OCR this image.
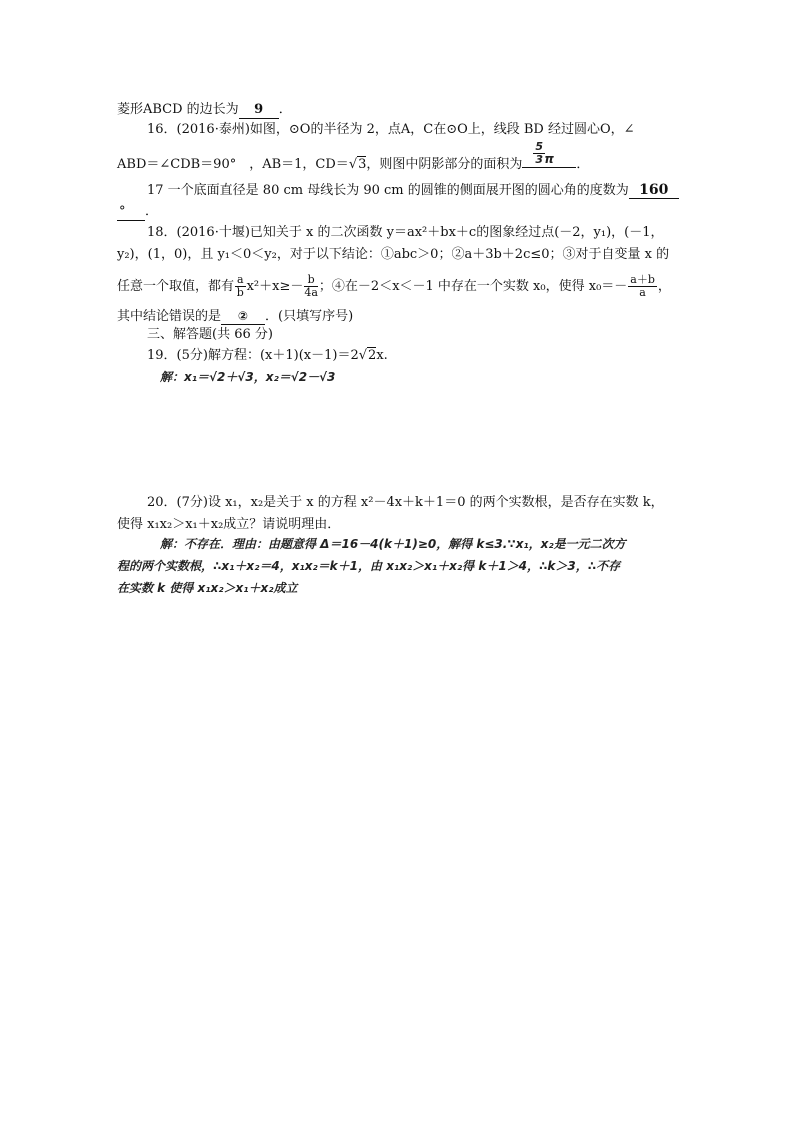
菱形ABCD 的边长为 9 ．
16．(2016·泰州)如图，⊙O的半径为 2，点A，C在⊙O上，线段 BD 经过圆心O，∠
ABD＝∠CDB＝90°　，AB＝1，CD＝√3，则图中阴影部分的面积为 $\frac{5}{3}$ π ．
17 一个底面直径是 80 cm 母线长为 90 cm 的圆锥的侧面展开图的圆心角的度数为 160
° ．
18．(2016·十堰)已知关于 x 的二次函数 y＝ax²＋bx＋c的图象经过点(－2，y₁)，(－1，
y₂)，(1，0)，且 y₁＜0＜y₂，对于以下结论：①abc＞0；②a＋3b＋2c≤0；③对于自变量 x 的
任意一个取值，都有 $\frac{a}{b} x^2+x\ge- \frac{b}{4a}$ ；④在－2＜x＜－1 中存在一个实数 x₀，使得 $x_0=- \frac{a+b}{a}$ ，
其中结论错误的是 ② ．(只填写序号)
三、解答题(共 66 分)
19．(5分)解方程：(x＋1)(x－1)＝2√2x.
解：x₁＝√2＋√3，x₂＝√2－√3
20．(7分)设 x₁，x₂是关于 x 的方程 x²－4x＋k＋1＝0 的两个实数根，是否存在实数 k，
使得 x₁x₂＞x₁＋x₂成立？请说明理由．
解：不存在．理由：由题意得 Δ＝16－4(k＋1)≥0，解得 k≤3.∵x₁，x₂是一元二次方
程的两个实数根，∴x₁＋x₂＝4，x₁x₂＝k＋1，由 x₁x₂＞x₁＋x₂得 k＋1＞4，∴k＞3，∴不存
在实数 k 使得 x₁x₂＞x₁＋x₂成立
